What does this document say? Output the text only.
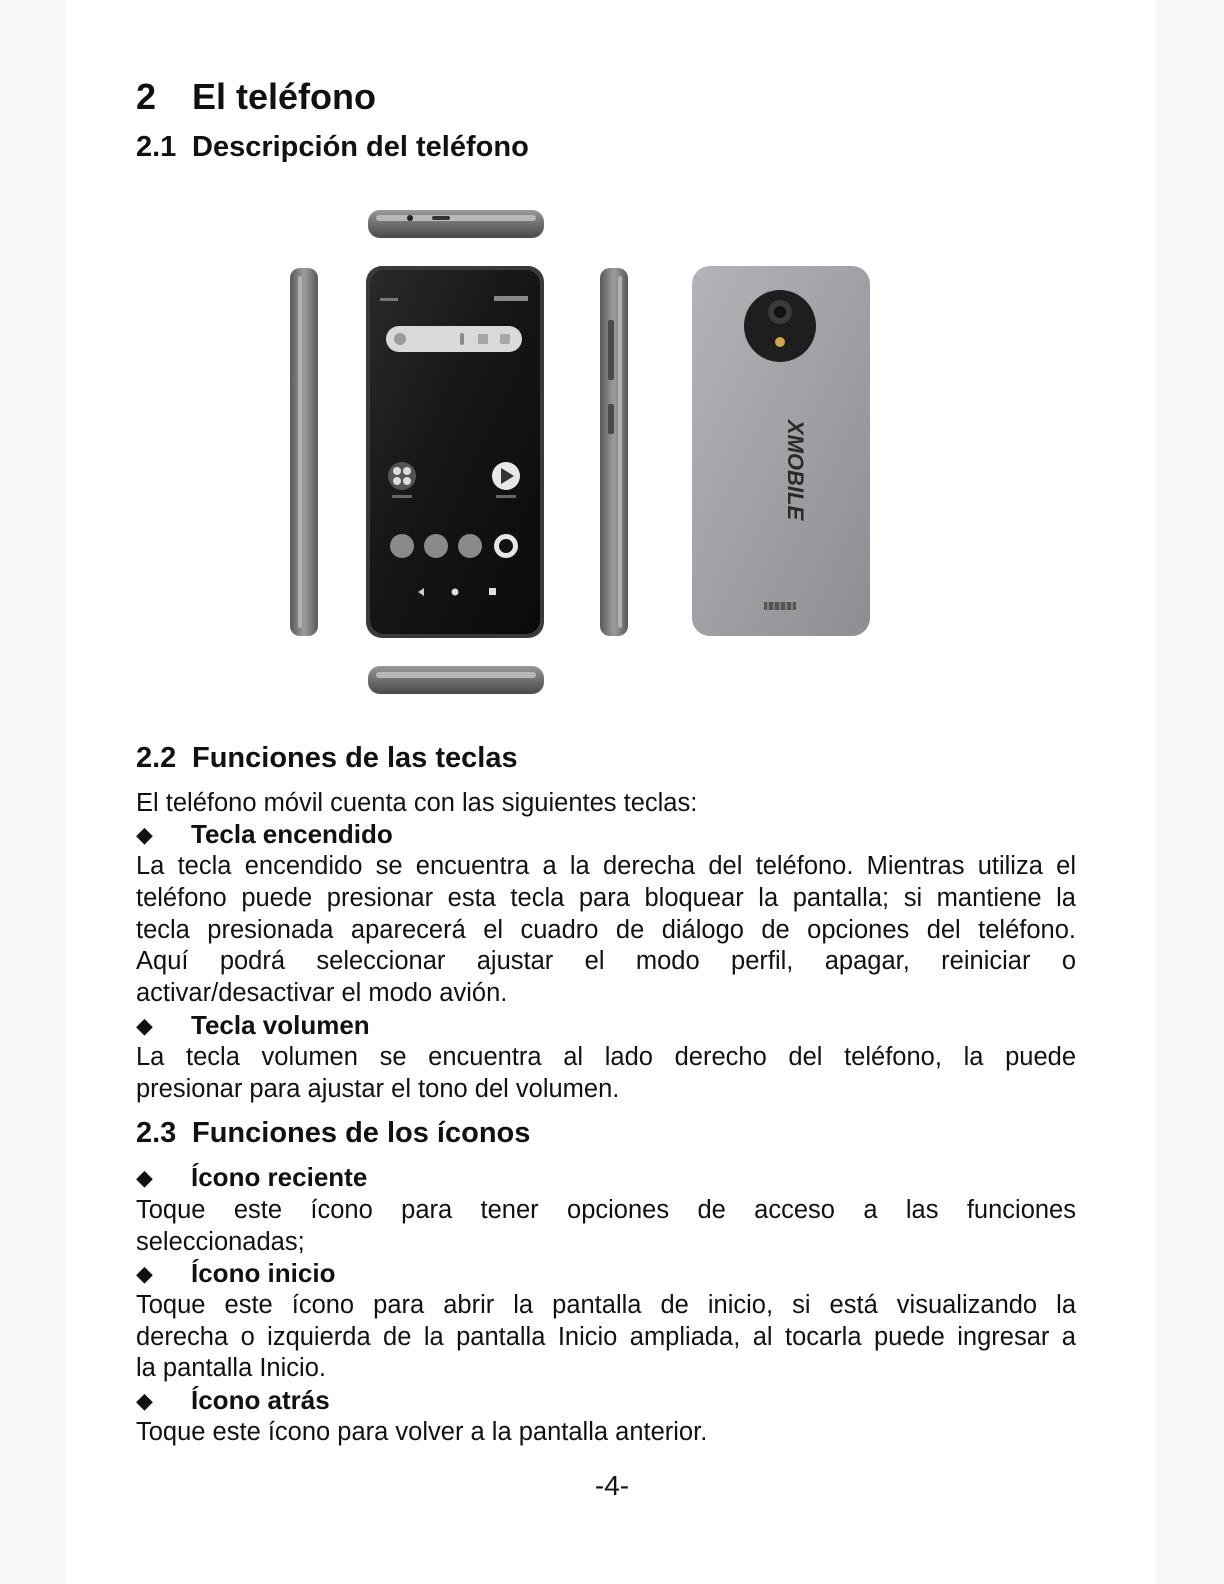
2 El teléfono
2.1 Descripción del teléfono
XMOBILE
2.2 Funciones de las teclas

El teléfono móvil cuenta con las siguientes teclas:

◆ Tecla encendido

La tecla encendido se encuentra a la derecha del teléfono. Mientras utiliza el

teléfono puede presionar esta tecla para bloquear la pantalla; si mantiene la

tecla presionada aparecerá el cuadro de diálogo de opciones del teléfono.

Aquí podrá seleccionar ajustar el modo perfil, apagar, reiniciar o

activar/desactivar el modo avión.

◆ Tecla volumen

La tecla volumen se encuentra al lado derecho del teléfono, la puede

presionar para ajustar el tono del volumen.

2.3 Funciones de los íconos

◆ Ícono reciente

Toque este ícono para tener opciones de acceso a las funciones

seleccionadas;

◆ Ícono inicio

Toque este ícono para abrir la pantalla de inicio, si está visualizando la

derecha o izquierda de la pantalla Inicio ampliada, al tocarla puede ingresar a

la pantalla Inicio.

◆ Ícono atrás

Toque este ícono para volver a la pantalla anterior.

-4-
